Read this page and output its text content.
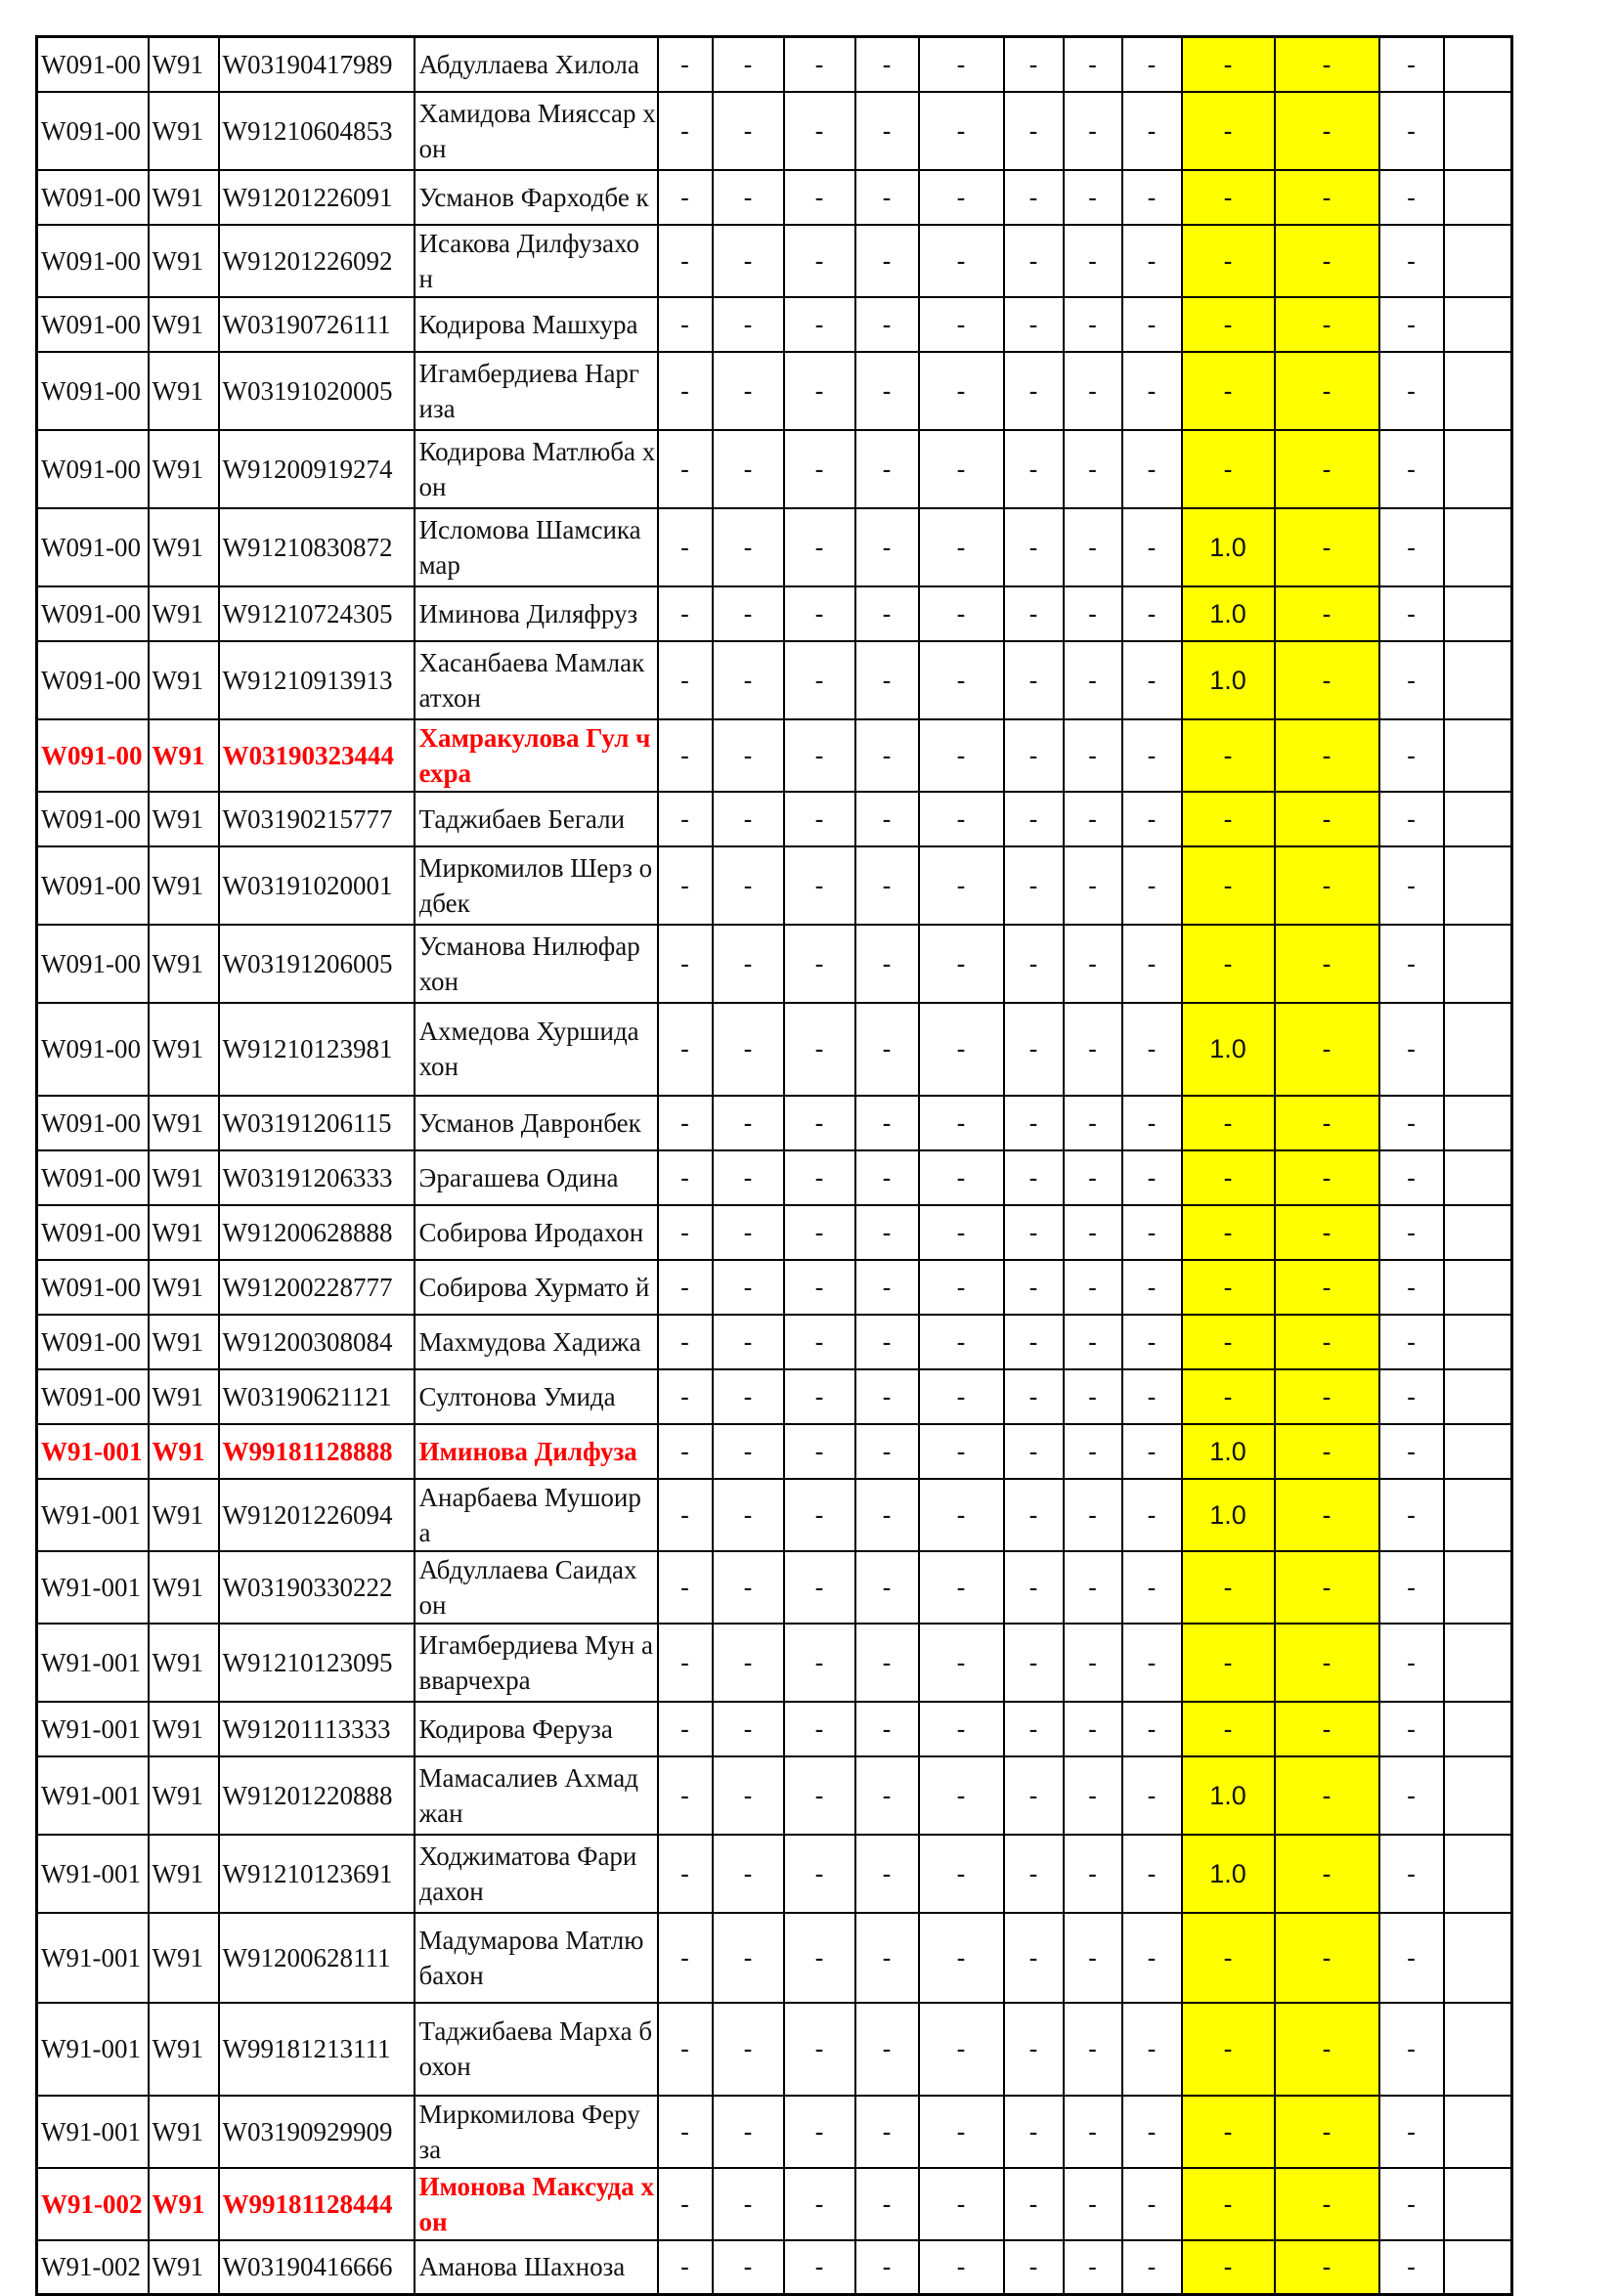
W091-00	W91	W03190417989	Абдуллаева Хилола	-	-	-	-	-	-	-	-	-	-	-	
W091-00	W91	W91210604853	Хамидова Мияссар хон	-	-	-	-	-	-	-	-	-	-	-	
W091-00	W91	W91201226091	Усманов Фарходбе к	-	-	-	-	-	-	-	-	-	-	-	
W091-00	W91	W91201226092	Исакова Дилфузахо н	-	-	-	-	-	-	-	-	-	-	-	
W091-00	W91	W03190726111	Кодирова Машхура	-	-	-	-	-	-	-	-	-	-	-	
W091-00	W91	W03191020005	Игамбердиева Нарг иза	-	-	-	-	-	-	-	-	-	-	-	
W091-00	W91	W91200919274	Кодирова Матлюба хон	-	-	-	-	-	-	-	-	-	-	-	
W091-00	W91	W91210830872	Исломова Шамсика мар	-	-	-	-	-	-	-	-	1.0	-	-	
W091-00	W91	W91210724305	Иминова Диляфруз	-	-	-	-	-	-	-	-	1.0	-	-	
W091-00	W91	W91210913913	Хасанбаева Мамлак атхон	-	-	-	-	-	-	-	-	1.0	-	-	
W091-00	W91	W03190323444	Хамракулова Гул чехра	-	-	-	-	-	-	-	-	-	-	-	
W091-00	W91	W03190215777	Таджибаев Бегали	-	-	-	-	-	-	-	-	-	-	-	
W091-00	W91	W03191020001	Миркомилов Шерз одбек	-	-	-	-	-	-	-	-	-	-	-	
W091-00	W91	W03191206005	Усманова Нилюфар хон	-	-	-	-	-	-	-	-	-	-	-	
W091-00	W91	W91210123981	Ахмедова Хуршида хон	-	-	-	-	-	-	-	-	1.0	-	-	
W091-00	W91	W03191206115	Усманов Давронбек	-	-	-	-	-	-	-	-	-	-	-	
W091-00	W91	W03191206333	Эрагашева Одина	-	-	-	-	-	-	-	-	-	-	-	
W091-00	W91	W91200628888	Собирова Иродахон	-	-	-	-	-	-	-	-	-	-	-	
W091-00	W91	W91200228777	Собирова Хурмато й	-	-	-	-	-	-	-	-	-	-	-	
W091-00	W91	W91200308084	Махмудова Хадижа	-	-	-	-	-	-	-	-	-	-	-	
W091-00	W91	W03190621121	Султонова Умида	-	-	-	-	-	-	-	-	-	-	-	
W91-001	W91	W99181128888	Иминова Дилфуза	-	-	-	-	-	-	-	-	1.0	-	-	
W91-001	W91	W91201226094	Анарбаева Мушоир а	-	-	-	-	-	-	-	-	1.0	-	-	
W91-001	W91	W03190330222	Абдуллаева Саидах он	-	-	-	-	-	-	-	-	-	-	-	
W91-001	W91	W91210123095	Игамбердиева Мун авварчехра	-	-	-	-	-	-	-	-	-	-	-	
W91-001	W91	W91201113333	Кодирова Феруза	-	-	-	-	-	-	-	-	-	-	-	
W91-001	W91	W91201220888	Мамасалиев Ахмад жан	-	-	-	-	-	-	-	-	1.0	-	-	
W91-001	W91	W91210123691	Ходжиматова Фари дахон	-	-	-	-	-	-	-	-	1.0	-	-	
W91-001	W91	W91200628111	Мадумарова Матлю бахон	-	-	-	-	-	-	-	-	-	-	-	
W91-001	W91	W99181213111	Таджибаева Марха бохон	-	-	-	-	-	-	-	-	-	-	-	
W91-001	W91	W03190929909	Миркомилова Феру за	-	-	-	-	-	-	-	-	-	-	-	
W91-002	W91	W99181128444	Имонова Максуда хон	-	-	-	-	-	-	-	-	-	-	-	
W91-002	W91	W03190416666	Аманова Шахноза	-	-	-	-	-	-	-	-	-	-	-	
